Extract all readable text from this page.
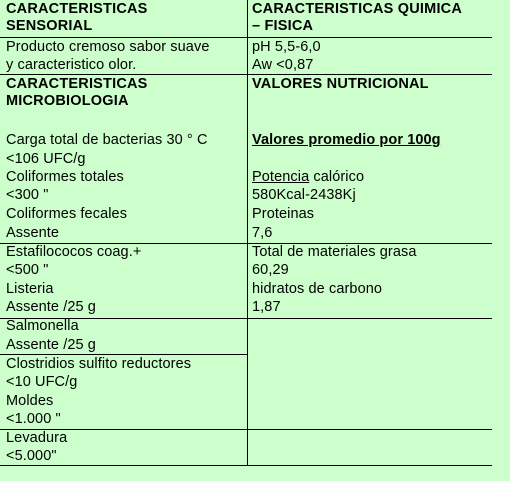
CARACTERISTICAS
SENSORIAL
CARACTERISTICAS QUIMICA
– FISICA
Producto cremoso sabor suave
y caracteristico olor.
pH 5,5-6,0
Aw <0,87
CARACTERISTICAS
MICROBIOLOGIA
VALORES NUTRICIONAL
Carga total de bacterias 30 ° C
<106 UFC/g
Coliformes totales
<300 "
Coliformes fecales
Assente
Estafilococos coag.+
<500 "
Listeria
Assente /25 g
Salmonella
Assente /25 g
Clostridios sulfito reductores
<10 UFC/g
Moldes
<1.000 "
Levadura
<5.000"
Valores promedio por 100g
Potencia calórico
580Kcal-2438Kj
Proteinas
7,6
Total de materiales grasa
60,29
hidratos de carbono
1,87
